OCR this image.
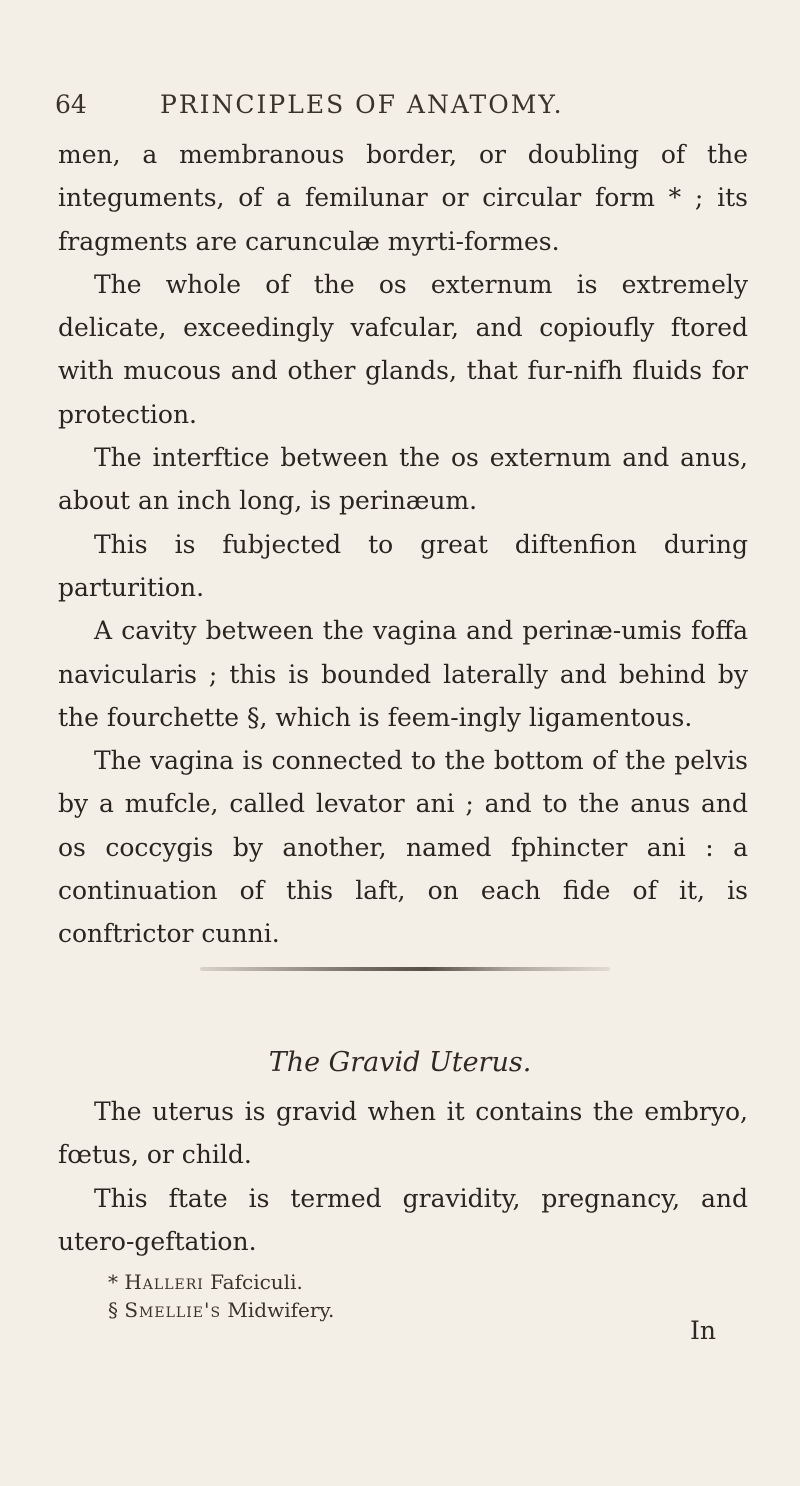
64	PRINCIPLES OF ANATOMY.

men, a membranous border, or doubling of the integuments, of a femilunar or circular form * ; its fragments are carunculæ myrti-formes.

The whole of the os externum is extremely delicate, exceedingly vafcular, and copioufly ftored with mucous and other glands, that fur-nifh fluids for protection.

The interftice between the os externum and anus, about an inch long, is perinæum.

This is fubjected to great diftenfion during parturition.

A cavity between the vagina and perinæ-umis foffa navicularis ; this is bounded laterally and behind by the fourchette §, which is feem-ingly ligamentous.

The vagina is connected to the bottom of the pelvis by a mufcle, called levator ani ; and to the anus and os coccygis by another, named fphincter ani : a continuation of this laft, on each fide of it, is conftrictor cunni.

The Gravid Uterus.

The uterus is gravid when it contains the embryo, fœtus, or child.

This ftate is termed gravidity, pregnancy, and utero-geftation.

* Halleri Fafciculi.

§ Smellie's Midwifery.

In
